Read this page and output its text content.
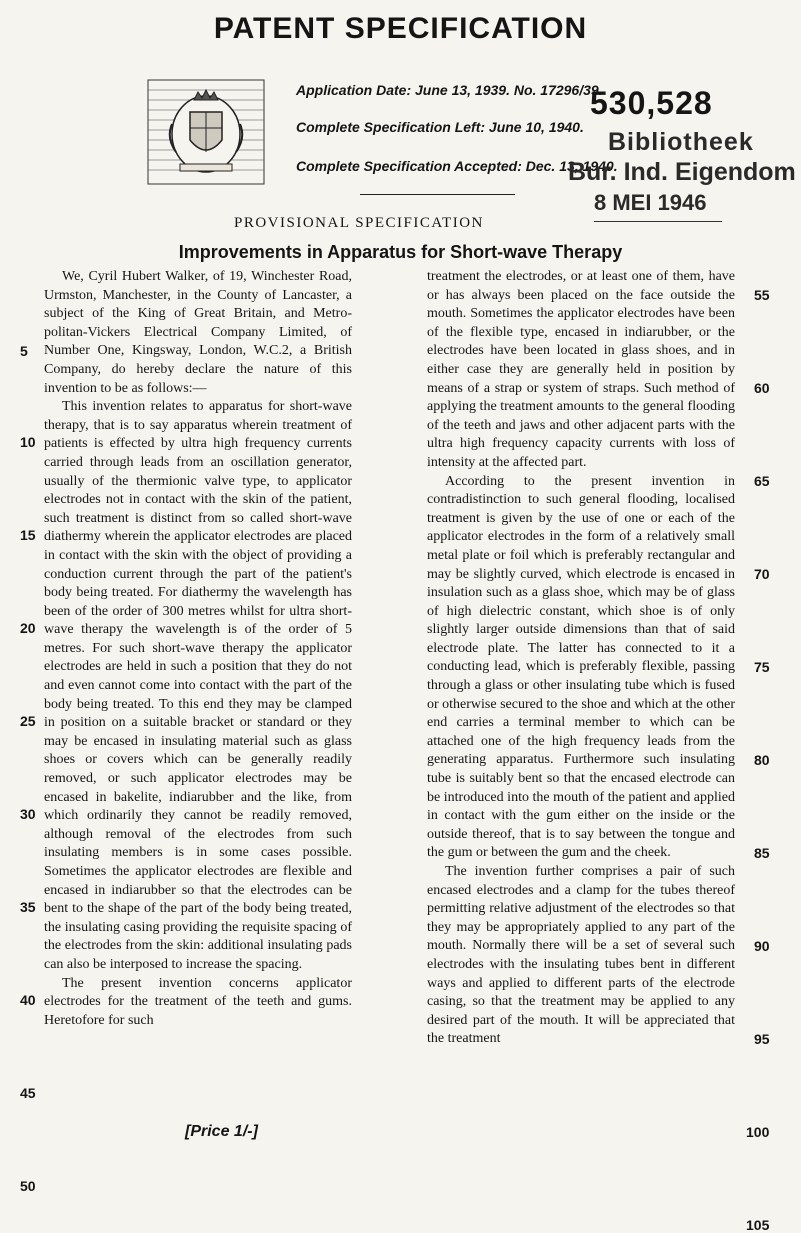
PATENT SPECIFICATION
Application Date: June 13, 1939. No. 17296/39.
Complete Specification Left: June 10, 1940.
Complete Specification Accepted: Dec. 13, 1940.
530,528
Bibliotheek
Bur. Ind. Eigendom
8 MEI 1946
PROVISIONAL SPECIFICATION
Improvements in Apparatus for Short-wave Therapy

We, Cyril Hubert Walker, of 19, Winchester Road, Urmston, Manchester, in the County of Lancaster, a subject of the King of Great Britain, and Metro-politan-Vickers Electrical Company Limited, of Number One, Kingsway, London, W.C.2, a British Company, do hereby declare the nature of this invention to be as follows:—

This invention relates to apparatus for short-wave therapy, that is to say apparatus wherein treatment of patients is effected by ultra high frequency currents carried through leads from an oscillation generator, usually of the thermionic valve type, to applicator electrodes not in contact with the skin of the patient, such treatment is distinct from so called short-wave diathermy wherein the applicator electrodes are placed in contact with the skin with the object of providing a conduction current through the part of the patient's body being treated. For diathermy the wavelength has been of the order of 300 metres whilst for ultra short-wave therapy the wavelength is of the order of 5 metres. For such short-wave therapy the applicator electrodes are held in such a position that they do not and even cannot come into contact with the part of the body being treated. To this end they may be clamped in position on a suitable bracket or standard or they may be encased in insulating material such as glass shoes or covers which can be generally readily removed, or such applicator electrodes may be encased in bakelite, indiarubber and the like, from which ordinarily they cannot be readily removed, although removal of the electrodes from such insulating members is in some cases possible. Sometimes the applicator electrodes are flexible and encased in indiarubber so that the electrodes can be bent to the shape of the part of the body being treated, the insulating casing providing the requisite spacing of the electrodes from the skin: additional insulating pads can also be interposed to increase the spacing.

The present invention concerns applicator electrodes for the treatment of the teeth and gums. Heretofore for such

treatment the electrodes, or at least one of them, have or has always been placed on the face outside the mouth. Sometimes the applicator electrodes have been of the flexible type, encased in indiarubber, or the electrodes have been located in glass shoes, and in either case they are generally held in position by means of a strap or system of straps. Such method of applying the treatment amounts to the general flooding of the teeth and jaws and other adjacent parts with the ultra high frequency capacity currents with loss of intensity at the affected part.

According to the present invention in contradistinction to such general flooding, localised treatment is given by the use of one or each of the applicator electrodes in the form of a relatively small metal plate or foil which is preferably rectangular and may be slightly curved, which electrode is encased in insulation such as a glass shoe, which may be of glass of high dielectric constant, which shoe is of only slightly larger outside dimensions than that of said electrode plate. The latter has connected to it a conducting lead, which is preferably flexible, passing through a glass or other insulating tube which is fused or otherwise secured to the shoe and which at the other end carries a terminal member to which can be attached one of the high frequency leads from the generating apparatus. Furthermore such insulating tube is suitably bent so that the encased electrode can be introduced into the mouth of the patient and applied in contact with the gum either on the inside or the outside thereof, that is to say between the tongue and the gum or between the gum and the cheek.

The invention further comprises a pair of such encased electrodes and a clamp for the tubes thereof permitting relative adjustment of the electrodes so that they may be appropriately applied to any part of the mouth. Normally there will be a set of several such electrodes with the insulating tubes bent in different ways and applied to different parts of the electrode casing, so that the treatment may be applied to any desired part of the mouth. It will be appreciated that the treatment

5
10
15
20
25
30
35
40
45
50
55
60
65
70
75
80
85
90
95
100
105
[Price 1/-]
